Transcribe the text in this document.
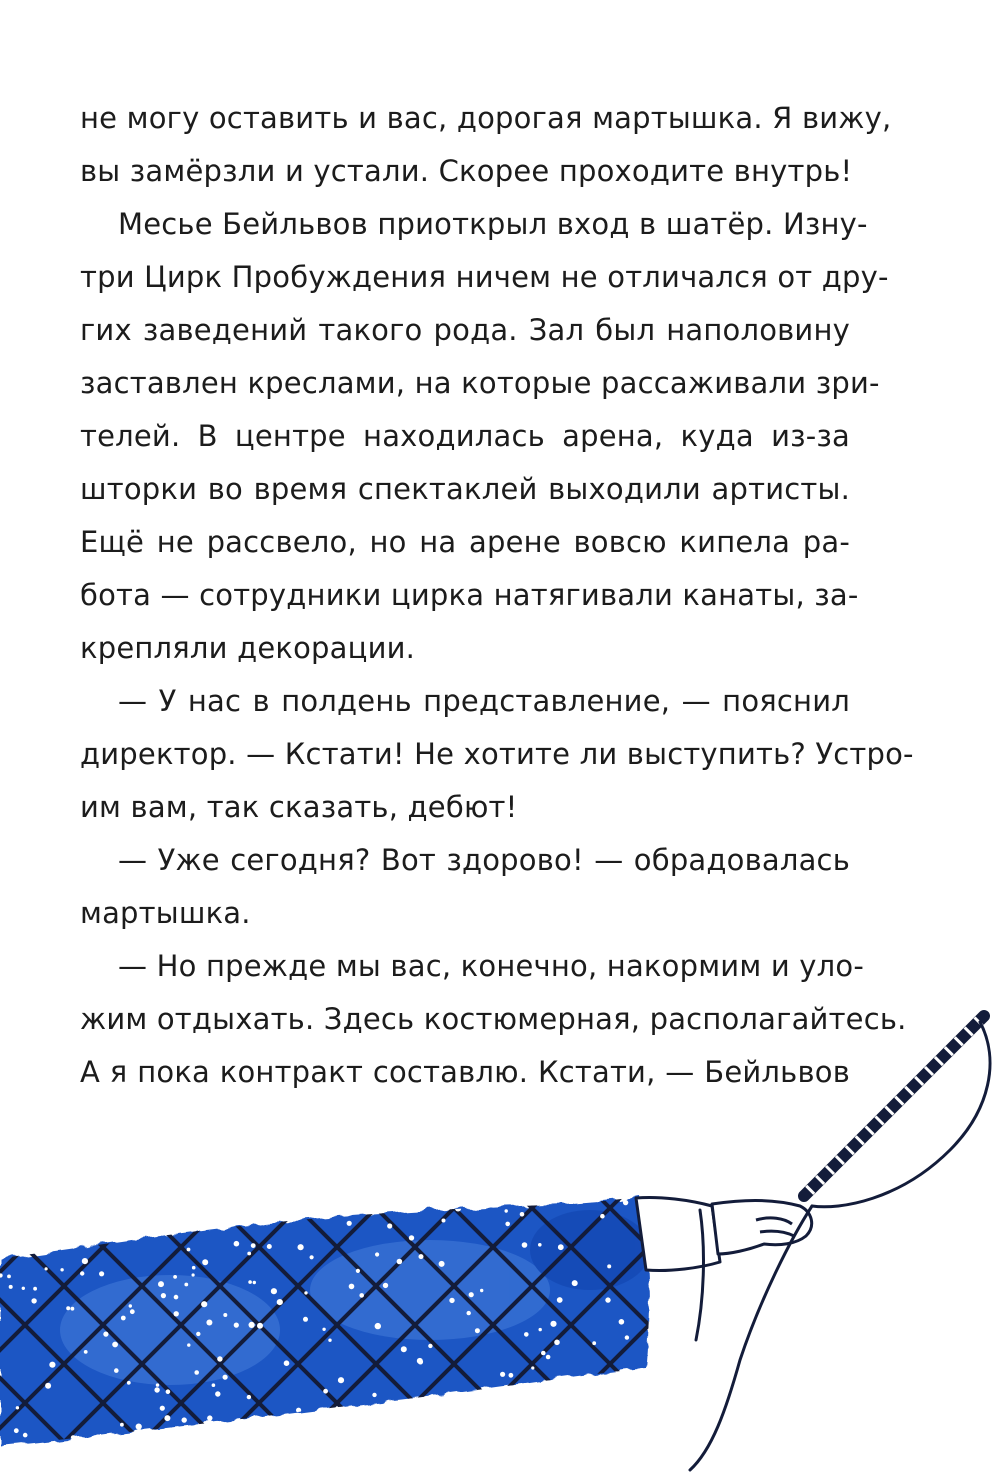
не могу оставить и вас, дорогая мартышка. Я вижу,
вы замёрзли и устали. Скорее проходите внутрь!
Месье Бейльвов приоткрыл вход в шатёр. Изну-
три Цирк Пробуждения ничем не отличался от дру-
гих заведений такого рода. Зал был наполовину
заставлен креслами, на которые рассаживали зри-
телей. В центре находилась арена, куда из-за
шторки во время спектаклей выходили артисты.
Ещё не рассвело, но на арене вовсю кипела ра-
бота — сотрудники цирка натягивали канаты, за-
крепляли декорации.
— У нас в полдень представление, — пояснил
директор. — Кстати! Не хотите ли выступить? Устро-
им вам, так сказать, дебют!
— Уже сегодня? Вот здорово! — обрадовалась
мартышка.
— Но прежде мы вас, конечно, накормим и уло-
жим отдыхать. Здесь костюмерная, располагайтесь.
А я пока контракт составлю. Кстати, — Бейльвов
